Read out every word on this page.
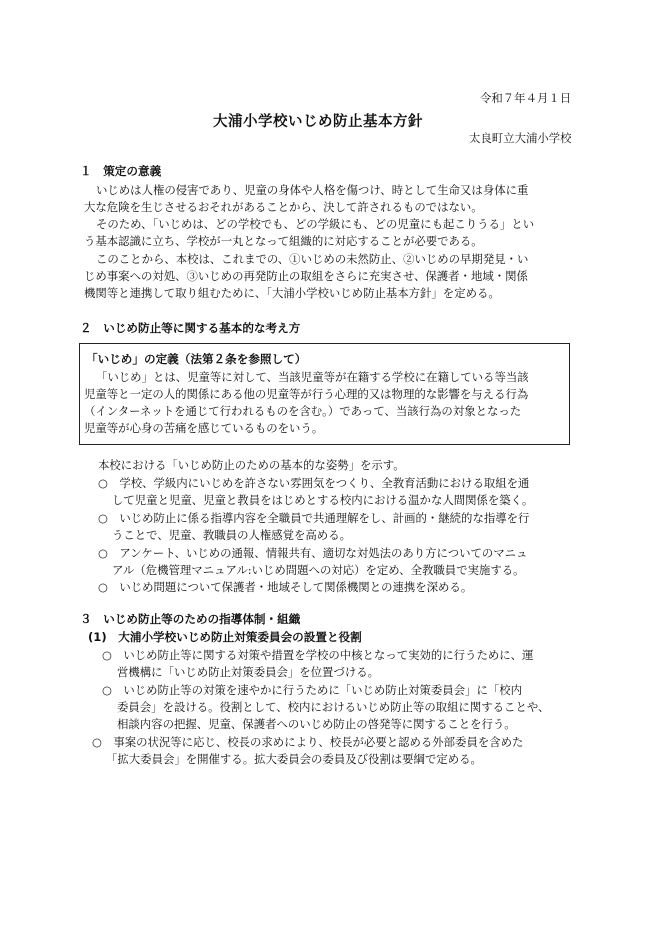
令和７年４月１日
大浦小学校いじめ防止基本方針
太良町立大浦小学校
１　策定の意義
いじめは人権の侵害であり、児童の身体や人格を傷つけ、時として生命又は身体に重
大な危険を生じさせるおそれがあることから、決して許されるものではない。
そのため、「いじめは、どの学校でも、どの学級にも、どの児童にも起こりうる」とい
う基本認識に立ち、学校が一丸となって組織的に対応することが必要である。
このことから、本校は、これまでの、①いじめの未然防止、②いじめの早期発見・い
じめ事案への対処、③いじめの再発防止の取組をさらに充実させ、保護者・地域・関係
機関等と連携して取り組むために、「大浦小学校いじめ防止基本方針」を定める。
２　いじめ防止等に関する基本的な考え方
「いじめ」の定義（法第２条を参照して）
「いじめ」とは、児童等に対して、当該児童等が在籍する学校に在籍している等当該
児童等と一定の人的関係にある他の児童等が行う心理的又は物理的な影響を与える行為
（インターネットを通じて行われるものを含む。）であって、当該行為の対象となった
児童等が心身の苦痛を感じているものをいう。
本校における「いじめ防止のための基本的な姿勢」を示す。
○　学校、学級内にいじめを許さない雰囲気をつくり、全教育活動における取組を通
して児童と児童、児童と教員をはじめとする校内における温かな人間関係を築く。
○　いじめ防止に係る指導内容を全職員で共通理解をし、計画的・継続的な指導を行
うことで、児童、教職員の人権感覚を高める。
○　アンケート、いじめの通報、情報共有、適切な対処法のあり方についてのマニュ
アル（危機管理マニュアル:いじめ問題への対応）を定め、全教職員で実施する。
○　いじめ問題について保護者・地域そして関係機関との連携を深める。
３　いじめ防止等のための指導体制・組織
(1)　大浦小学校いじめ防止対策委員会の設置と役割
○　いじめ防止等に関する対策や措置を学校の中核となって実効的に行うために、運
営機構に「いじめ防止対策委員会」を位置づける。
○　いじめ防止等の対策を速やかに行うために「いじめ防止対策委員会」に「校内
委員会」を設ける。役割として、校内におけるいじめ防止等の取組に関することや、
相談内容の把握、児童、保護者へのいじめ防止の啓発等に関することを行う。
○　事案の状況等に応じ、校長の求めにより、校長が必要と認める外部委員を含めた
「拡大委員会」を開催する。拡大委員会の委員及び役割は要綱で定める。
